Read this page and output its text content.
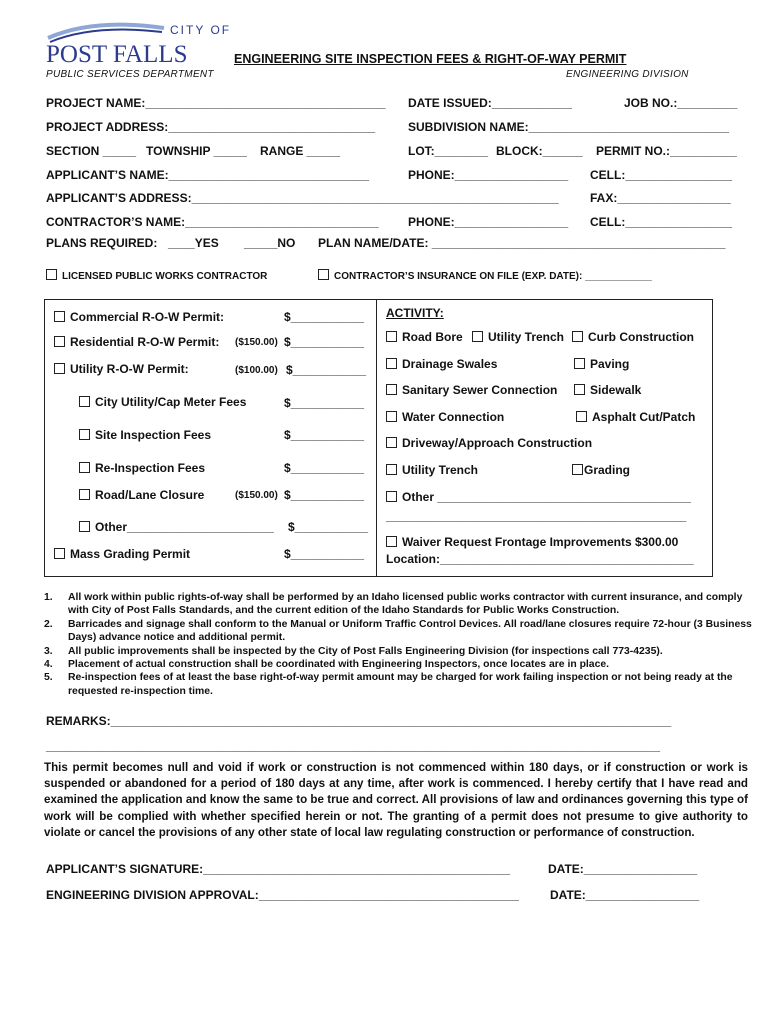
CITY OF
POST FALLS	ENGINEERING SITE INSPECTION FEES & RIGHT-OF-WAY PERMIT
PUBLIC SERVICES DEPARTMENT	ENGINEERING DIVISION
PROJECT NAME:____________________________________ DATE ISSUED:____________	JOB NO.:_________
PROJECT ADDRESS:_______________________________	SUBDIVISION NAME:______________________________
SECTION _____ TOWNSHIP _____ RANGE _____	LOT:________ BLOCK:______ PERMIT NO.:__________
APPLICANT’S NAME:______________________________	PHONE:_________________ CELL:________________
APPLICANT’S ADDRESS:_______________________________________________________	FAX:_________________
CONTRACTOR’S NAME:_____________________________ PHONE:_________________ CELL:________________
PLANS REQUIRED: ____YES _____NO PLAN NAME/DATE: ____________________________________________
LICENSED PUBLIC WORKS CONTRACTOR	CONTRACTOR’S INSURANCE ON FILE (EXP. DATE): ____________
Commercial R-O-W Permit:	$___________
Residential R-O-W Permit: ($150.00) $___________
Utility R-O-W Permit:	($100.00) $___________
City Utility/Cap Meter Fees	$___________
Site Inspection Fees	$___________
Re-Inspection Fees	$___________
Road/Lane Closure	($150.00) $___________
Other______________________ $___________
Mass Grading Permit	$___________
ACTIVITY:
Road Bore	Utility Trench	Curb Construction
Drainage Swales	Paving
Sanitary Sewer Connection	Sidewalk
Water Connection	Asphalt Cut/Patch
Driveway/Approach Construction
Utility Trench	Grading
Other ______________________________________
_____________________________________________
Waiver Request Frontage Improvements $300.00
Location:______________________________________
1. All work within public rights-of-way shall be performed by an Idaho licensed public works contractor with current insurance, and comply with City of Post Falls Standards, and the current edition of the Idaho Standards for Public Works Construction.
2. Barricades and signage shall conform to the Manual or Uniform Traffic Control Devices. All road/lane closures require 72-hour (3 Business Days) advance notice and additional permit.
3. All public improvements shall be inspected by the City of Post Falls Engineering Division (for inspections call 773-4235).
4. Placement of actual construction shall be coordinated with Engineering Inspectors, once locates are in place.
5. Re-inspection fees of at least the base right-of-way permit amount may be charged for work failing inspection or not being ready at the requested re-inspection time.
REMARKS:____________________________________________________________________________________
____________________________________________________________________________________________
This permit becomes null and void if work or construction is not commenced within 180 days, or if construction or work is suspended or abandoned for a period of 180 days at any time, after work is commenced. I hereby certify that I have read and examined the application and know the same to be true and correct. All provisions of law and ordinances governing this type of work will be complied with whether specified herein or not. The granting of a permit does not presume to give authority to violate or cancel the provisions of any other state of local law regulating construction or performance of construction.
APPLICANT’S SIGNATURE:______________________________________________	DATE:_________________
ENGINEERING DIVISION APPROVAL:_______________________________________	DATE:_________________
